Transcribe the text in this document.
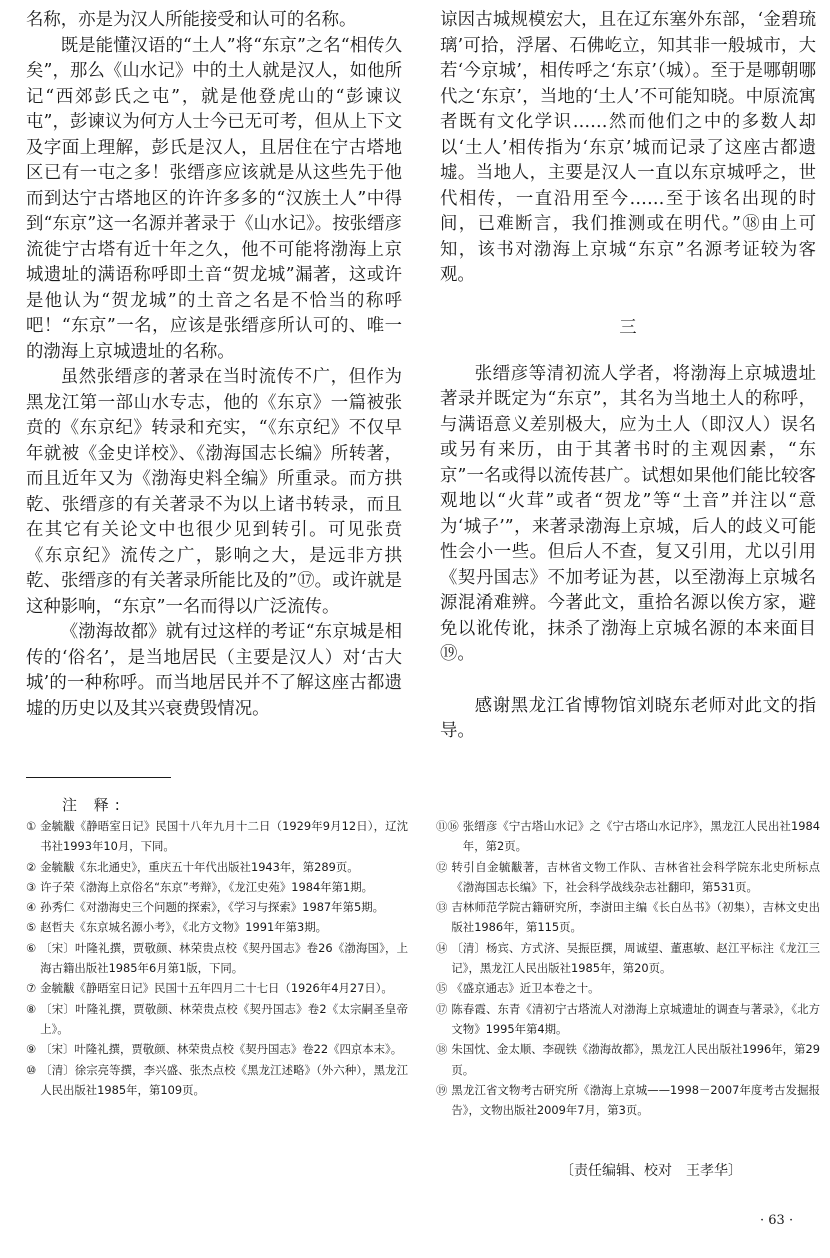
名称，亦是为汉人所能接受和认可的名称。

既是能懂汉语的“土人”将“东京”之名“相传久矣”，那么《山水记》中的土人就是汉人，如他所记“西郊彭氏之屯”，就是他登虎山的“彭谏议屯”，彭谏议为何方人士今已无可考，但从上下文及字面上理解，彭氏是汉人，且居住在宁古塔地区已有一屯之多！张缙彦应该就是从这些先于他而到达宁古塔地区的许许多多的“汉族土人”中得到“东京”这一名源并著录于《山水记》。按张缙彦流徙宁古塔有近十年之久，他不可能将渤海上京城遗址的满语称呼即土音“贺龙城”漏著，这或许是他认为“贺龙城”的土音之名是不恰当的称呼吧！“东京”一名，应该是张缙彦所认可的、唯一的渤海上京城遗址的名称。

虽然张缙彦的著录在当时流传不广，但作为黑龙江第一部山水专志，他的《东京》一篇被张贲的《东京纪》转录和充实，“《东京纪》不仅早年就被《金史详校》、《渤海国志长编》所转著，而且近年又为《渤海史料全编》所重录。而方拱乾、张缙彦的有关著录不为以上诸书转录，而且在其它有关论文中也很少见到转引。可见张贲《东京纪》流传之广，影响之大，是远非方拱乾、张缙彦的有关著录所能比及的”⑰。或许就是这种影响，“东京”一名而得以广泛流传。

《渤海故都》就有过这样的考证“东京城是相传的‘俗名’，是当地居民（主要是汉人）对‘古大城’的一种称呼。而当地居民并不了解这座古都遗墟的历史以及其兴衰费毁情况。

谅因古城规模宏大，且在辽东塞外东部，‘金碧琉璃’可拾，浮屠、石佛屹立，知其非一般城市，大若‘今京城’，相传呼之‘东京’（城）。至于是哪朝哪代之‘东京’，当地的‘土人’不可能知晓。中原流寓者既有文化学识……然而他们之中的多数人却以‘土人’相传指为‘东京’城而记录了这座古都遗墟。当地人，主要是汉人一直以东京城呼之，世代相传，一直沿用至今……至于该名出现的时间，已难断言，我们推测或在明代。”⑱由上可知，该书对渤海上京城“东京”名源考证较为客观。

三

张缙彦等清初流人学者，将渤海上京城遗址著录并既定为“东京”，其名为当地土人的称呼，与满语意义差别极大，应为土人（即汉人）误名或另有来历，由于其著书时的主观因素，“东京”一名或得以流传甚广。试想如果他们能比较客观地以“火茸”或者“贺龙”等“土音”并注以“意为‘城子’”，来著录渤海上京城，后人的歧义可能性会小一些。但后人不查，复又引用，尤以引用《契丹国志》不加考证为甚，以至渤海上京城名源混淆难辨。今著此文，重拾名源以俟方家，避免以讹传讹，抹杀了渤海上京城名源的本来面目⑲。

感谢黑龙江省博物馆刘晓东老师对此文的指导。

注 释:
① 金毓黻《静晤室日记》民国十八年九月十二日（1929年9月12日），辽沈书社1993年10月，下同。
② 金毓黻《东北通史》，重庆五十年代出版社1943年，第289页。
③ 许子荣《渤海上京俗名“东京”考辩》，《龙江史苑》1984年第1期。
④ 孙秀仁《对渤海史三个问题的探索》，《学习与探索》1987年第5期。
⑤ 赵哲夫《东京城名源小考》，《北方文物》1991年第3期。
⑥ 〔宋〕叶隆礼撰，贾敬颜、林荣贵点校《契丹国志》卷26《渤海国》，上海古籍出版社1985年6月第1版，下同。
⑦ 金毓黻《静晤室日记》民国十五年四月二十七日（1926年4月27日）。
⑧ 〔宋〕叶隆礼撰，贾敬颜、林荣贵点校《契丹国志》卷2《太宗嗣圣皇帝上》。
⑨ 〔宋〕叶隆礼撰，贾敬颜、林荣贵点校《契丹国志》卷22《四京本末》。
⑩ 〔清〕徐宗亮等撰，李兴盛、张杰点校《黑龙江述略》（外六种），黑龙江人民出版社1985年，第109页。
⑪⑯ 张缙彦《宁古塔山水记》之《宁古塔山水记序》，黑龙江人民出社1984年，第2页。
⑫ 转引自金毓黻著，吉林省文物工作队、吉林省社会科学院东北史所标点《渤海国志长编》下，社会科学战线杂志社翻印，第531页。
⑬ 吉林师范学院古籍研究所，李澍田主编《长白丛书》（初集），吉林文史出版社1986年，第115页。
⑭ 〔清〕杨宾、方式济、吴振臣撰，周诚望、董惠敏、赵江平标注《龙江三记》，黑龙江人民出版社1985年，第20页。
⑮ 《盛京通志》近卫本卷之十。
⑰ 陈春霞、东青《清初宁古塔流人对渤海上京城遗址的调查与著录》，《北方文物》1995年第4期。
⑱ 朱国忱、金太顺、李砚铁《渤海故都》，黑龙江人民出版社1996年，第29页。
⑲ 黑龙江省文物考古研究所《渤海上京城——1998－2007年度考古发掘报告》，文物出版社2009年7月，第3页。
〔责任编辑、校对　王孝华〕
· 63 ·
